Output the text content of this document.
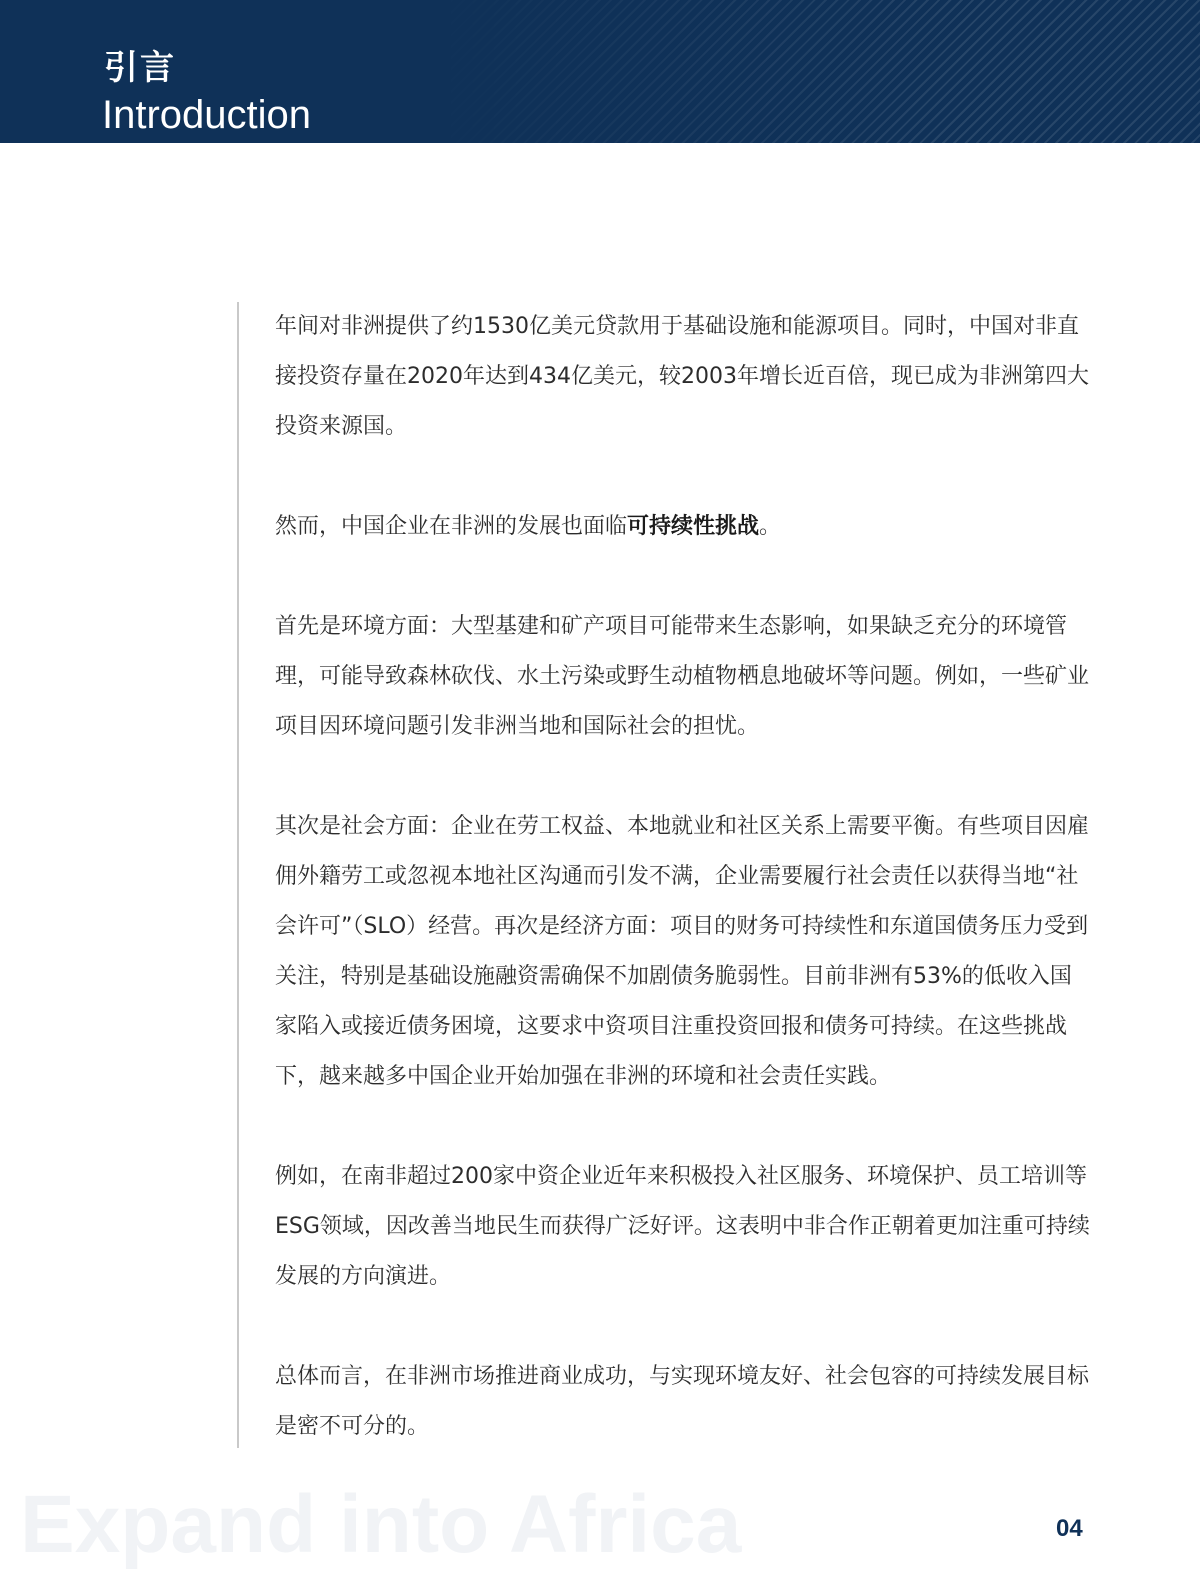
引言
Introduction

年间对非洲提供了约1530亿美元贷款用于基础设施和能源项目。同时，中国对非直接投资存量在2020年达到434亿美元，较2003年增长近百倍，现已成为非洲第四大投资来源国。

然而，中国企业在非洲的发展也面临可持续性挑战。

首先是环境方面：大型基建和矿产项目可能带来生态影响，如果缺乏充分的环境管理，可能导致森林砍伐、水土污染或野生动植物栖息地破坏等问题。例如，一些矿业项目因环境问题引发非洲当地和国际社会的担忧。

其次是社会方面：企业在劳工权益、本地就业和社区关系上需要平衡。有些项目因雇佣外籍劳工或忽视本地社区沟通而引发不满，企业需要履行社会责任以获得当地“社会许可”（SLO）经营。再次是经济方面：项目的财务可持续性和东道国债务压力受到关注，特别是基础设施融资需确保不加剧债务脆弱性。目前非洲有53%的低收入国家陷入或接近债务困境，这要求中资项目注重投资回报和债务可持续。在这些挑战下，越来越多中国企业开始加强在非洲的环境和社会责任实践。

例如，在南非超过200家中资企业近年来积极投入社区服务、环境保护、员工培训等ESG领域，因改善当地民生而获得广泛好评。这表明中非合作正朝着更加注重可持续发展的方向演进。

总体而言，在非洲市场推进商业成功，与实现环境友好、社会包容的可持续发展目标是密不可分的。

Expand into Africa	04
